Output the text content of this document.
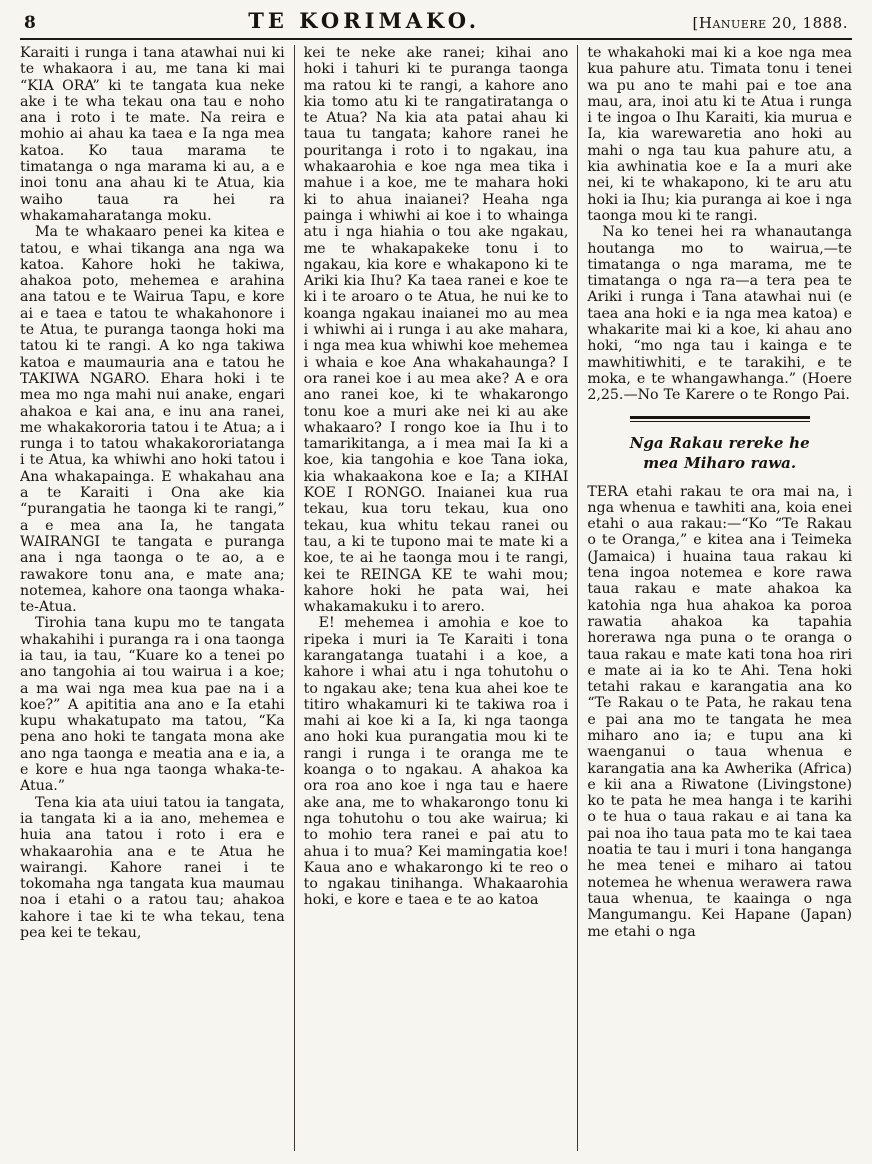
8	TE KORIMAKO.	[Hanuere 20, 1888.

Karaiti i runga i tana atawhai nui ki te whakaora i au, me tana ki mai “KIA ORA” ki te tangata kua neke ake i te wha tekau ona tau e noho ana i roto i te mate. Na reira e mohio ai ahau ka taea e Ia nga mea katoa. Ko taua marama te timatanga o nga marama ki au, a e inoi tonu ana ahau ki te Atua, kia waiho taua ra hei ra whakamaharatanga moku.

Ma te whakaaro penei ka kitea e tatou, e whai tikanga ana nga wa katoa. Kahore hoki he takiwa, ahakoa poto, mehemea e arahina ana tatou e te Wairua Tapu, e kore ai e taea e tatou te whakahonore i te Atua, te puranga taonga hoki ma tatou ki te rangi. A ko nga takiwa katoa e maumauria ana e tatou he TAKIWA NGARO. Ehara hoki i te mea mo nga mahi nui anake, engari ahakoa e kai ana, e inu ana ranei, me whakakororia tatou i te Atua; a i runga i to tatou whakakororiatanga i te Atua, ka whiwhi ano hoki tatou i Ana whakapainga. E whakahau ana a te Karaiti i Ona ake kia “purangatia he taonga ki te rangi,” a e mea ana Ia, he tangata WAIRANGI te tangata e puranga ana i nga taonga o te ao, a e rawakore tonu ana, e mate ana; notemea, kahore ona taonga whaka-te-Atua.

Tirohia tana kupu mo te tangata whakahihi i puranga ra i ona taonga ia tau, ia tau, “Kuare ko a tenei po ano tangohia ai tou wairua i a koe; a ma wai nga mea kua pae na i a koe?” A apititia ana ano e Ia etahi kupu whakatupato ma tatou, “Ka pena ano hoki te tangata mona ake ano nga taonga e meatia ana e ia, a e kore e hua nga taonga whaka-te-Atua.”

Tena kia ata uiui tatou ia tangata, ia tangata ki a ia ano, mehemea e huia ana tatou i roto i era e whakaarohia ana e te Atua he wairangi. Kahore ranei i te tokomaha nga tangata kua maumau noa i etahi o a ratou tau; ahakoa kahore i tae ki te wha tekau, tena pea kei te tekau,

kei te neke ake ranei; kihai ano hoki i tahuri ki te puranga taonga ma ratou ki te rangi, a kahore ano kia tomo atu ki te rangatiratanga o te Atua? Na kia ata patai ahau ki taua tu tangata; kahore ranei he pouritanga i roto i to ngakau, ina whakaarohia e koe nga mea tika i mahue i a koe, me te mahara hoki ki to ahua inaianei? Heaha nga painga i whiwhi ai koe i to whainga atu i nga hiahia o tou ake ngakau, me te whakapakeke tonu i to ngakau, kia kore e whakapono ki te Ariki kia Ihu? Ka taea ranei e koe te ki i te aroaro o te Atua, he nui ke to koanga ngakau inaianei mo au mea i whiwhi ai i runga i au ake mahara, i nga mea kua whiwhi koe mehemea i whaia e koe Ana whakahaunga? I ora ranei koe i au mea ake? A e ora ano ranei koe, ki te whakarongo tonu koe a muri ake nei ki au ake whakaaro? I rongo koe ia Ihu i to tamarikitanga, a i mea mai Ia ki a koe, kia tangohia e koe Tana ioka, kia whakaakona koe e Ia; a KIHAI KOE I RONGO. Inaianei kua rua tekau, kua toru tekau, kua ono tekau, kua whitu tekau ranei ou tau, a ki te tupono mai te mate ki a koe, te ai he taonga mou i te rangi, kei te REINGA KE te wahi mou; kahore hoki he pata wai, hei whakamakuku i to arero.

E! mehemea i amohia e koe to ripeka i muri ia Te Karaiti i tona karangatanga tuatahi i a koe, a kahore i whai atu i nga tohutohu o to ngakau ake; tena kua ahei koe te titiro whakamuri ki te takiwa roa i mahi ai koe ki a Ia, ki nga taonga ano hoki kua purangatia mou ki te rangi i runga i te oranga me te koanga o to ngakau. A ahakoa ka ora roa ano koe i nga tau e haere ake ana, me to whakarongo tonu ki nga tohutohu o tou ake wairua; ki to mohio tera ranei e pai atu to ahua i to mua? Kei mamingatia koe! Kaua ano e whakarongo ki te reo o to ngakau tinihanga. Whakaarohia hoki, e kore e taea e te ao katoa

te whakahoki mai ki a koe nga mea kua pahure atu. Timata tonu i tenei wa pu ano te mahi pai e toe ana mau, ara, inoi atu ki te Atua i runga i te ingoa o Ihu Karaiti, kia murua e Ia, kia warewaretia ano hoki au mahi o nga tau kua pahure atu, a kia awhinatia koe e Ia a muri ake nei, ki te whakapono, ki te aru atu hoki ia Ihu; kia puranga ai koe i nga taonga mou ki te rangi.

Na ko tenei hei ra whanautanga houtanga mo to wairua,—te timatanga o nga marama, me te timatanga o nga ra—a tera pea te Ariki i runga i Tana atawhai nui (e taea ana hoki e ia nga mea katoa) e whakarite mai ki a koe, ki ahau ano hoki, “mo nga tau i kainga e te mawhitiwhiti, e te tarakihi, e te moka, e te whangawhanga.” (Hoere 2,25.—No Te Karere o te Rongo Pai.

Nga Rakau rereke he mea Miharo rawa.

TERA etahi rakau te ora mai na, i nga whenua e tawhiti ana, koia enei etahi o aua rakau:—“Ko “Te Rakau o te Oranga,” e kitea ana i Teimeka (Jamaica) i huaina taua rakau ki tena ingoa notemea e kore rawa taua rakau e mate ahakoa ka katohia nga hua ahakoa ka poroa rawatia ahakoa ka tapahia horerawa nga puna o te oranga o taua rakau e mate kati tona hoa riri e mate ai ia ko te Ahi. Tena hoki tetahi rakau e karangatia ana ko “Te Rakau o te Pata, he rakau tena e pai ana mo te tangata he mea miharo ano ia; e tupu ana ki waenganui o taua whenua e karangatia ana ka Awherika (Africa) e kii ana a Riwatone (Livingstone) ko te pata he mea hanga i te karihi o te hua o taua rakau e ai tana ka pai noa iho taua pata mo te kai taea noatia te tau i muri i tona hanganga he mea tenei e miharo ai tatou notemea he whenua werawera rawa taua whenua, te kaainga o nga Mangumangu. Kei Hapane (Japan) me etahi o nga
